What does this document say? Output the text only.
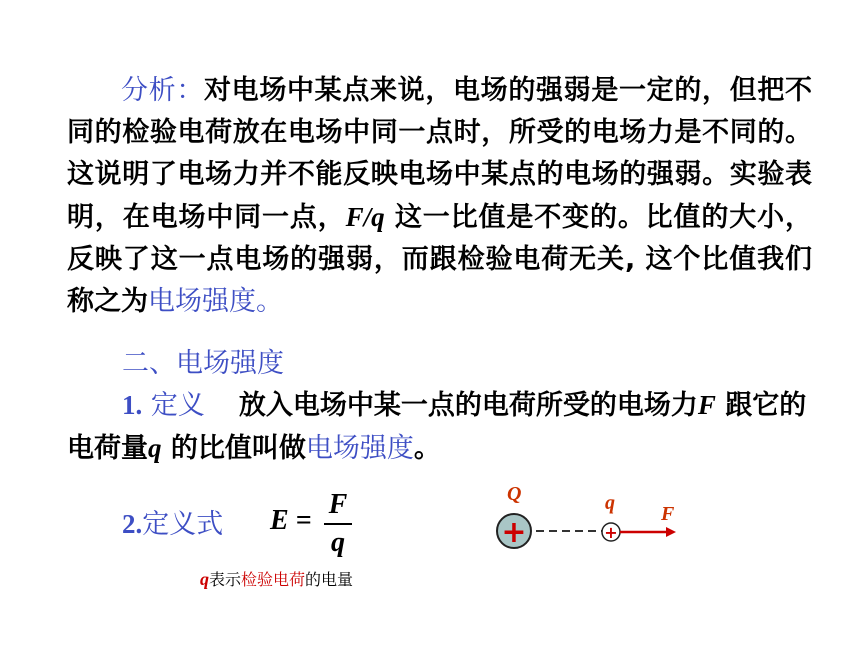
分析：对电场中某点来说，电场的强弱是一定的，但把不同的检验电荷放在电场中同一点时，所受的电场力是不同的。这说明了电场力并不能反映电场中某点的电场的强弱。实验表明，在电场中同一点，F/q 这一比值是不变的。比值的大小，反映了这一点电场的强弱，而跟检验电荷无关, 这个比值我们称之为电场强度。

二、电场强度

1. 定义 放入电场中某一点的电荷所受的电场力F 跟它的电荷量q 的比值叫做电场强度。

2.定义式 E =
F
q
q表示检验电荷的电量
Q	q F
+	+
